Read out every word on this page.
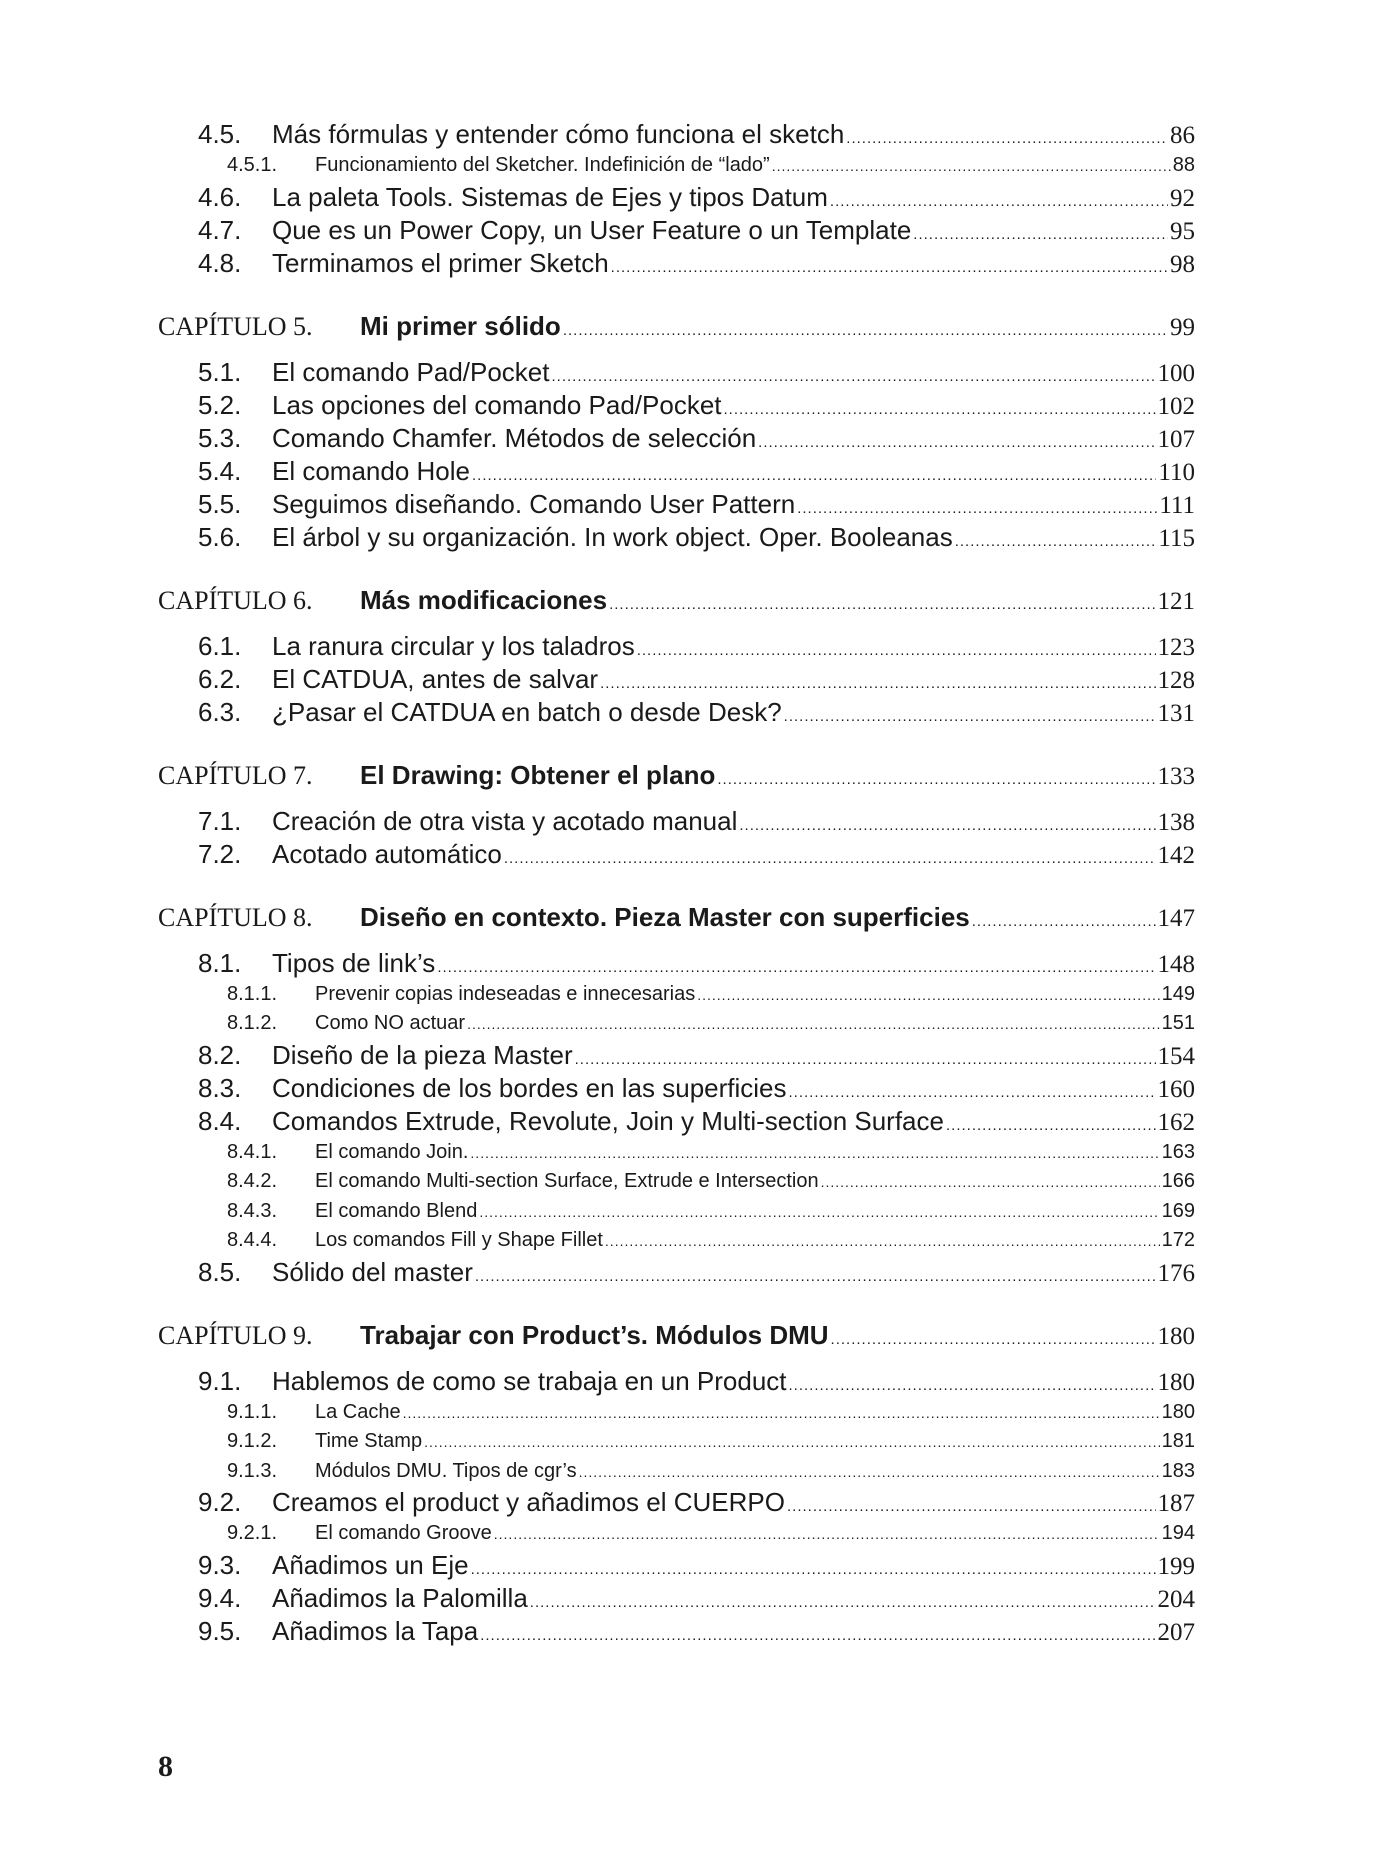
4.5.	Más fórmulas y entender cómo funciona el sketch .....	86
4.5.1.	Funcionamiento del Sketcher. Indefinición de “lado” .....	88
4.6.	La paleta Tools. Sistemas de Ejes y tipos Datum .....	92
4.7.	Que es un Power Copy, un User Feature o un Template .....	95
4.8.	Terminamos el primer Sketch .....	98
CAPÍTULO 5.	Mi primer sólido .....	99
5.1.	El comando Pad/Pocket .....	100
5.2.	Las opciones del comando Pad/Pocket .....	102
5.3.	Comando Chamfer. Métodos de selección .....	107
5.4.	El comando Hole .....	110
5.5.	Seguimos diseñando. Comando User Pattern .....	111
5.6.	El árbol y su organización. In work object. Oper. Booleanas .....	115
CAPÍTULO 6.	Más modificaciones .....	121
6.1.	La ranura circular y los taladros .....	123
6.2.	El CATDUA, antes de salvar .....	128
6.3.	¿Pasar el CATDUA en batch o desde Desk? .....	131
CAPÍTULO 7.	El Drawing: Obtener el plano .....	133
7.1.	Creación de otra vista y acotado manual .....	138
7.2.	Acotado automático .....	142
CAPÍTULO 8.	Diseño en contexto. Pieza Master con superficies .....	147
8.1.	Tipos de link’s .....	148
8.1.1.	Prevenir copias indeseadas e innecesarias .....	149
8.1.2.	Como NO actuar .....	151
8.2.	Diseño de la pieza Master .....	154
8.3.	Condiciones de los bordes en las superficies .....	160
8.4.	Comandos Extrude, Revolute, Join y Multi-section Surface .....	162
8.4.1.	El comando Join. .....	163
8.4.2.	El comando Multi-section Surface, Extrude e Intersection .....	166
8.4.3.	El comando Blend .....	169
8.4.4.	Los comandos Fill y Shape Fillet .....	172
8.5.	Sólido del master .....	176
CAPÍTULO 9.	Trabajar con Product’s. Módulos DMU .....	180
9.1.	Hablemos de como se trabaja en un Product .....	180
9.1.1.	La Cache .....	180
9.1.2.	Time Stamp .....	181
9.1.3.	Módulos DMU. Tipos de cgr’s .....	183
9.2.	Creamos el product y añadimos el CUERPO .....	187
9.2.1.	El comando Groove .....	194
9.3.	Añadimos un Eje .....	199
9.4.	Añadimos la Palomilla .....	204
9.5.	Añadimos la Tapa .....	207
8
